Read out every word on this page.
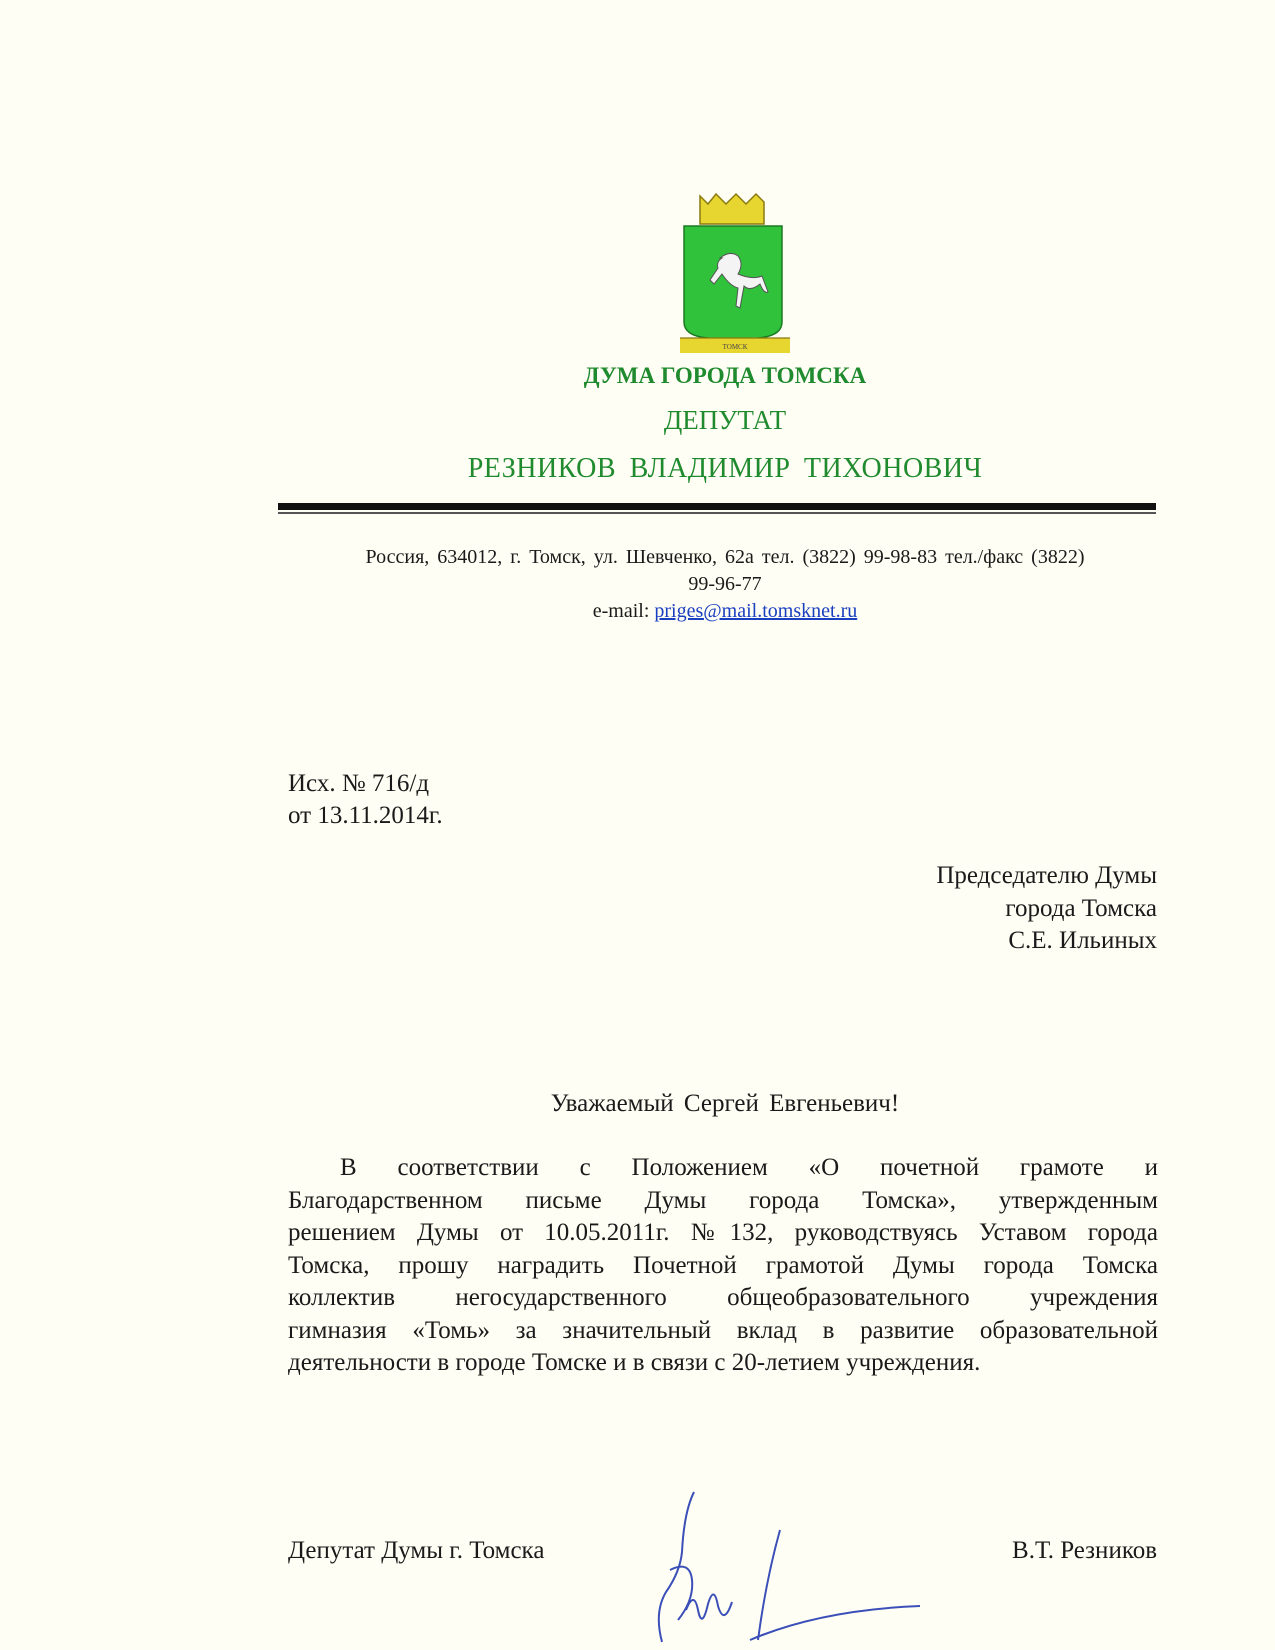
ТОМСК
ДУМА ГОРОДА ТОМСКА
ДЕПУТАТ
РЕЗНИКОВ ВЛАДИМИР ТИХОНОВИЧ
Россия, 634012, г. Томск, ул. Шевченко, 62а тел. (3822) 99-98-83 тел./факс (3822)
99-96-77
e-mail: priges@mail.tomsknet.ru
Исх. № 716/д
от 13.11.2014г.
Председателю Думы
города Томска
С.Е. Ильиных
Уважаемый Сергей Евгеньевич!
В соответствии с Положением «О почетной грамоте и
Благодарственном письме Думы города Томска», утвержденным
решением Думы от 10.05.2011г. №132, руководствуясь Уставом города
Томска, прошу наградить Почетной грамотой Думы города Томска
коллектив негосударственного общеобразовательного учреждения
гимназия «Томь» за значительный вклад в развитие образовательной
деятельности в городе Томске и в связи с 20-летием учреждения.
Депутат Думы г. Томска	В.Т. Резников
